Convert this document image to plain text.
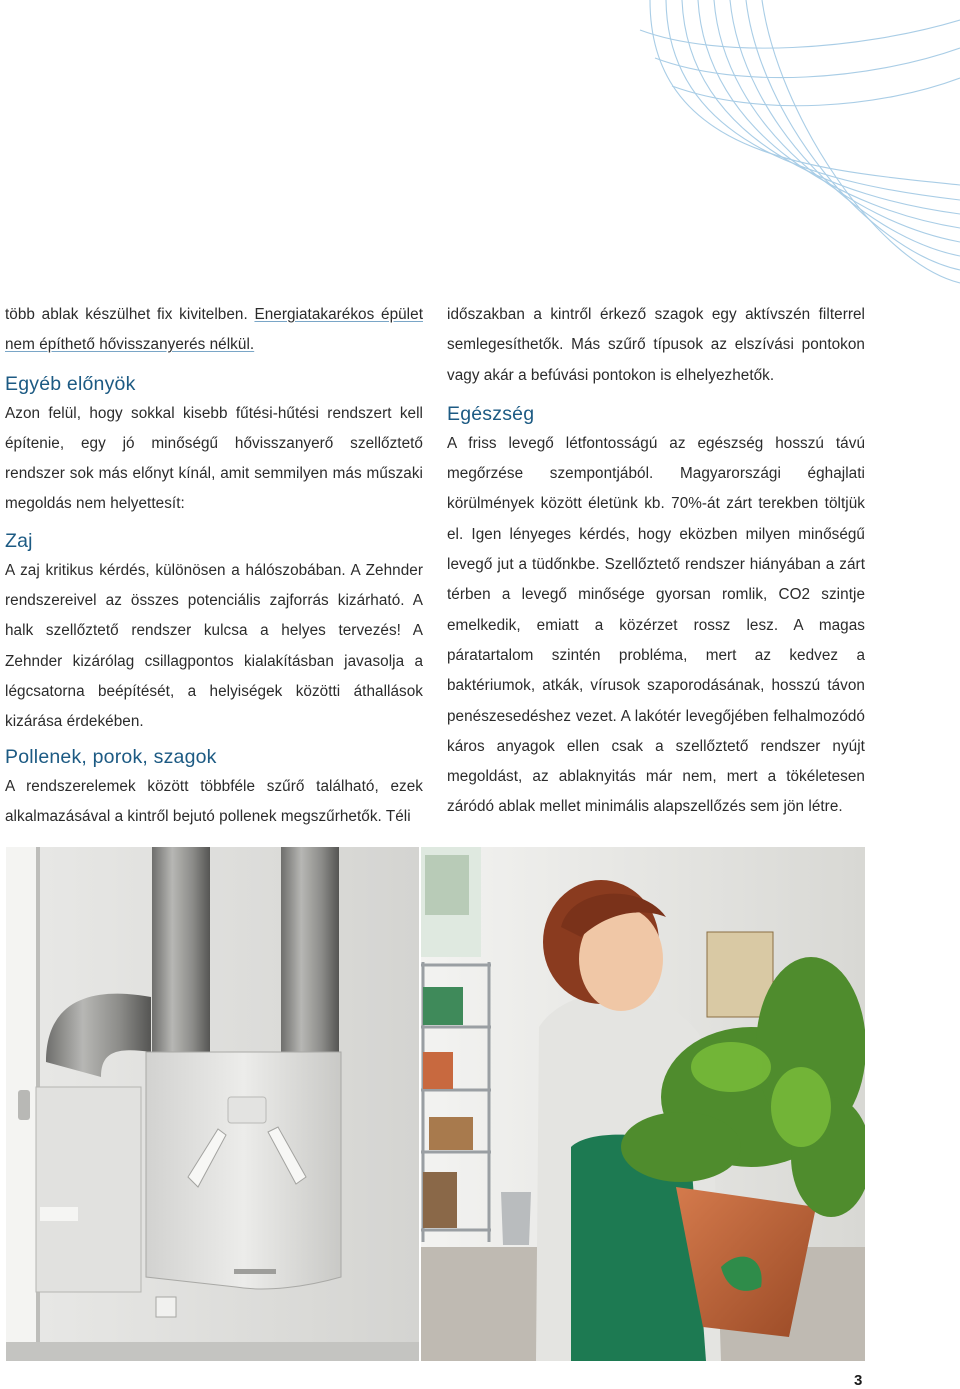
több ablak készülhet fix kivitelben. Energiatakarékos épület nem építhető hővisszanyerés nélkül.

Egyéb előnyök

Azon felül, hogy sokkal kisebb fűtési-hűtési rendszert kell építenie, egy jó minőségű hővisszanyerő szellőztető rendszer sok más előnyt kínál, amit semmilyen más műszaki megoldás nem helyettesít:

Zaj

A zaj kritikus kérdés, különösen a hálószobában. A Zehnder rendszereivel az összes potenciális zajforrás kizárható. A halk szellőztető rendszer kulcsa a helyes tervezés! A Zehnder kizárólag csillagpontos kialakításban javasolja a légcsatorna beépítését, a helyiségek közötti áthallások kizárása érdekében.

Pollenek, porok, szagok

A rendszerelemek között többféle szűrő található, ezek alkalmazásával a kintről bejutó pollenek megszűrhetők. Téli

időszakban a kintről érkező szagok egy aktívszén filterrel semlegesíthetők. Más szűrő típusok az elszívási pontokon vagy akár a befúvási pontokon is elhelyezhetők.

Egészség

A friss levegő létfontosságú az egészség hosszú távú megőrzése szempontjából. Magyarországi éghajlati körülmények között életünk kb. 70%-át zárt terekben töltjük el. Igen lényeges kérdés, hogy eközben milyen minőségű levegő jut a tüdőnkbe. Szellőztető rendszer hiányában a zárt térben a levegő minősége gyorsan romlik, CO2 szintje emelkedik, emiatt a közérzet rossz lesz. A magas páratartalom szintén probléma, mert az kedvez a baktériumok, atkák, vírusok szaporodásának, hosszú távon penészesedéshez vezet. A lakótér levegőjében felhalmozódó káros anyagok ellen csak a szellőztető rendszer nyújt megoldást, az ablaknyitás már nem, mert a tökéletesen záródó ablak mellet minimális alapszellőzés sem jön létre.

3
